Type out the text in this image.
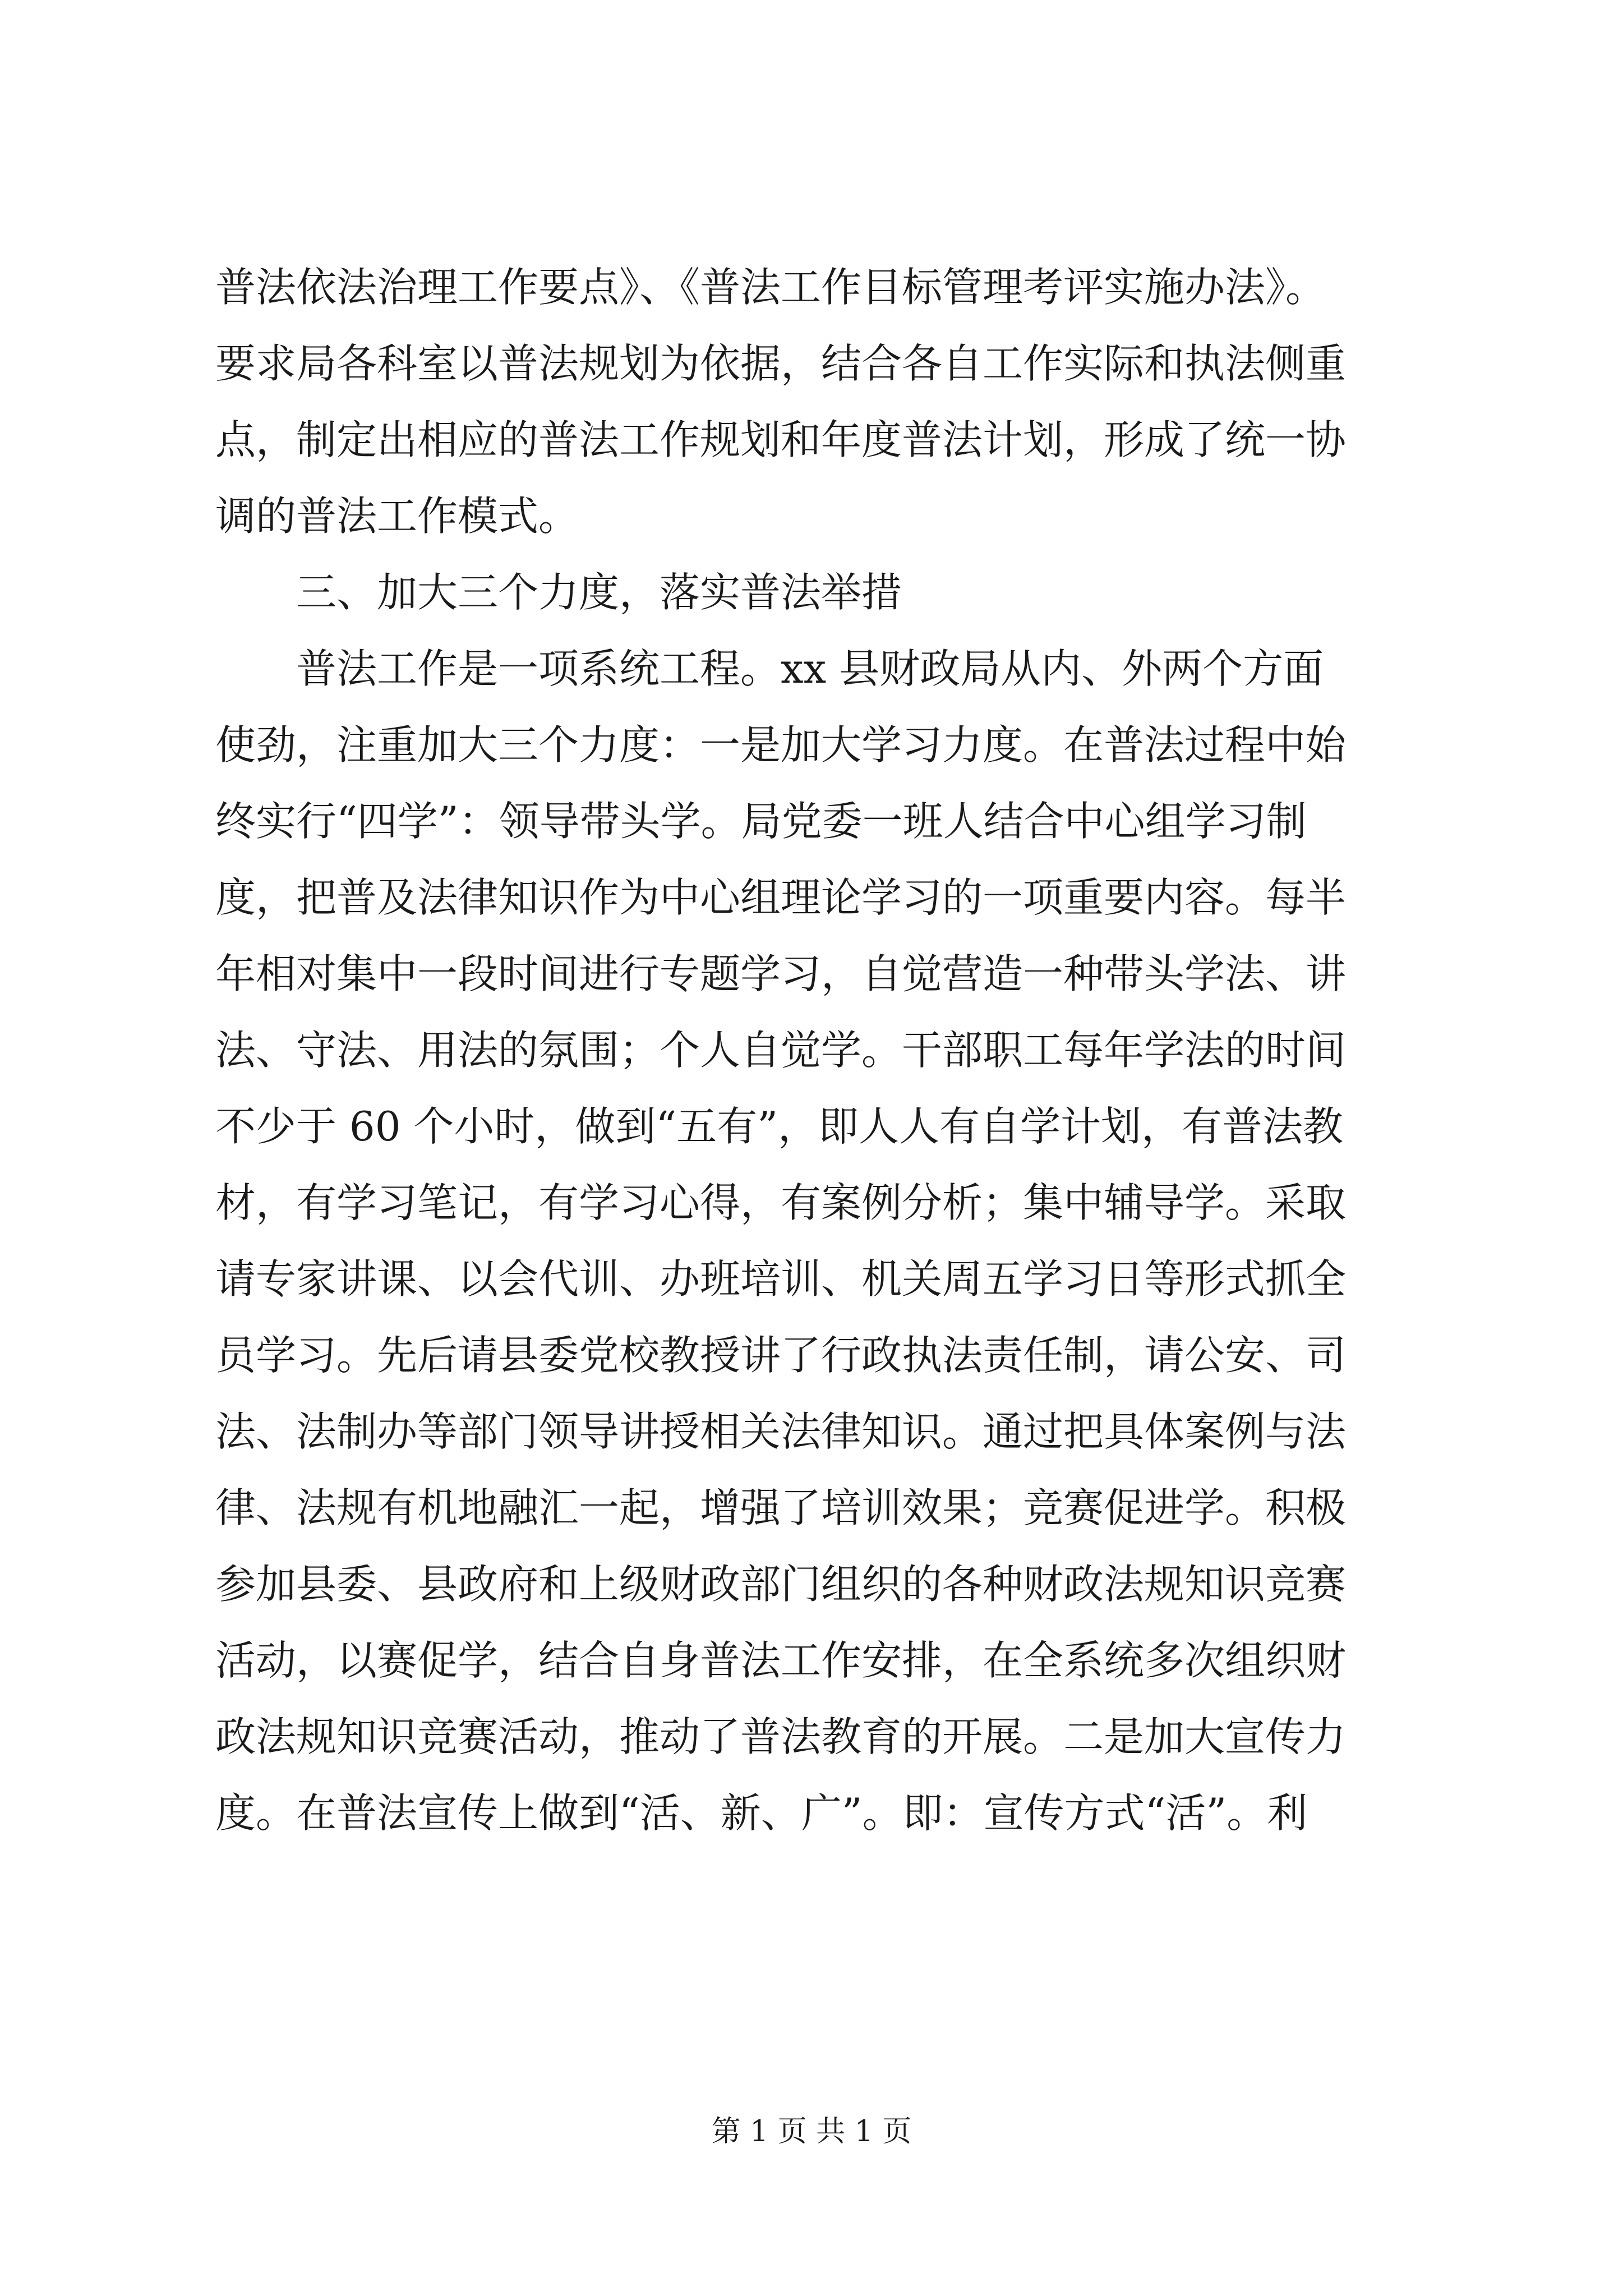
普法依法治理工作要点》、《普法工作目标管理考评实施办法》。
要求局各科室以普法规划为依据，结合各自工作实际和执法侧重
点，制定出相应的普法工作规划和年度普法计划，形成了统一协
调的普法工作模式。
三、加大三个力度，落实普法举措
普法工作是一项系统工程。xx 县财政局从内、外两个方面
使劲，注重加大三个力度：一是加大学习力度。在普法过程中始
终实行“四学”：领导带头学。局党委一班人结合中心组学习制
度，把普及法律知识作为中心组理论学习的一项重要内容。每半
年相对集中一段时间进行专题学习，自觉营造一种带头学法、讲
法、守法、用法的氛围；个人自觉学。干部职工每年学法的时间
不少于 60 个小时，做到“五有”，即人人有自学计划，有普法教
材，有学习笔记，有学习心得，有案例分析；集中辅导学。采取
请专家讲课、以会代训、办班培训、机关周五学习日等形式抓全
员学习。先后请县委党校教授讲了行政执法责任制，请公安、司
法、法制办等部门领导讲授相关法律知识。通过把具体案例与法
律、法规有机地融汇一起，增强了培训效果；竞赛促进学。积极
参加县委、县政府和上级财政部门组织的各种财政法规知识竞赛
活动，以赛促学，结合自身普法工作安排，在全系统多次组织财
政法规知识竞赛活动，推动了普法教育的开展。二是加大宣传力
度。在普法宣传上做到“活、新、广”。即：宣传方式“活”。利
第 1 页 共 1 页
